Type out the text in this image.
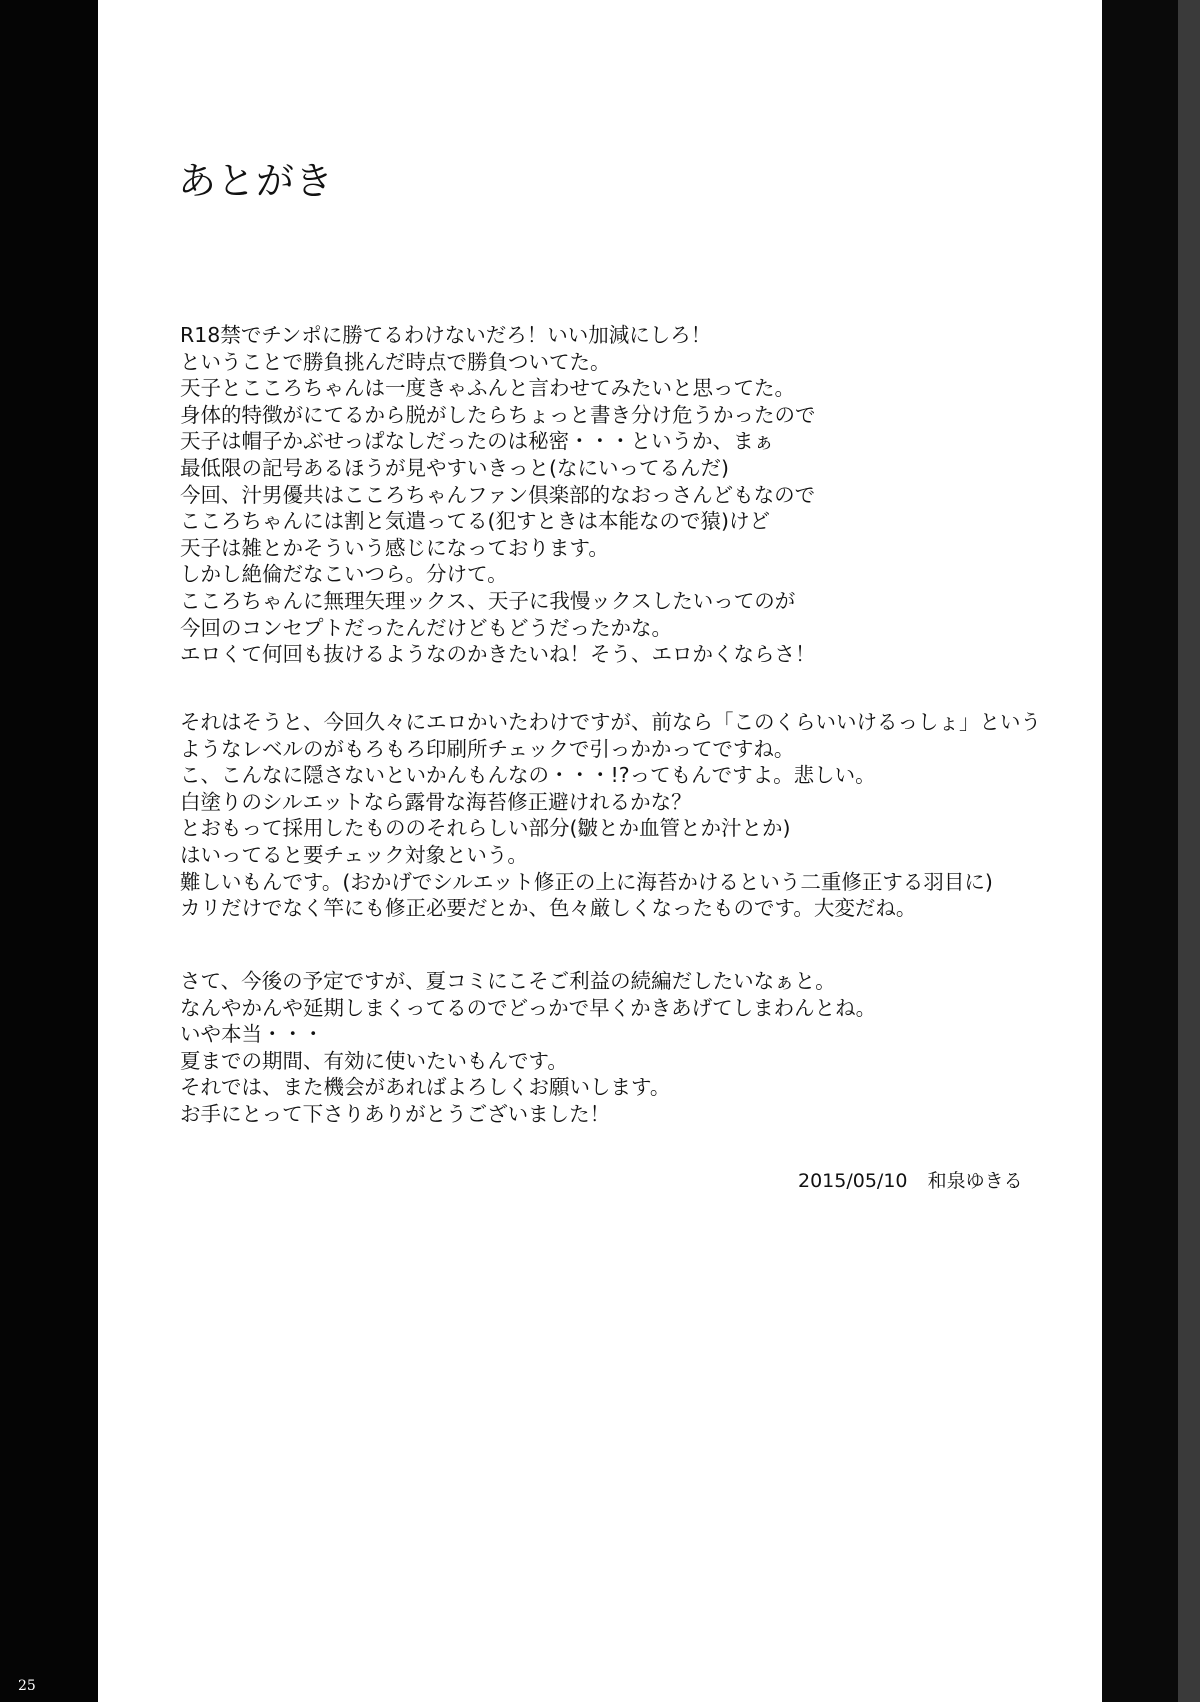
25

あとがき
R18禁でチンポに勝てるわけないだろ！いい加減にしろ！
ということで勝負挑んだ時点で勝負ついてた。
天子とこころちゃんは一度きゃふんと言わせてみたいと思ってた。
身体的特徴がにてるから脱がしたらちょっと書き分け危うかったので
天子は帽子かぶせっぱなしだったのは秘密・・・というか、まぁ
最低限の記号あるほうが見やすいきっと(なにいってるんだ)
今回、汁男優共はこころちゃんファン倶楽部的なおっさんどもなので
こころちゃんには割と気遣ってる(犯すときは本能なので猿)けど
天子は雑とかそういう感じになっております。
しかし絶倫だなこいつら。分けて。
こころちゃんに無理矢理ックス、天子に我慢ックスしたいってのが
今回のコンセプトだったんだけどもどうだったかな。
エロくて何回も抜けるようなのかきたいね！そう、エロかくならさ！
それはそうと、今回久々にエロかいたわけですが、前なら「このくらいいけるっしょ」という
ようなレベルのがもろもろ印刷所チェックで引っかかってですね。
こ、こんなに隠さないといかんもんなの・・・!?ってもんですよ。悲しい。
白塗りのシルエットなら露骨な海苔修正避けれるかな？
とおもって採用したもののそれらしい部分(皺とか血管とか汁とか)
はいってると要チェック対象という。
難しいもんです。(おかげでシルエット修正の上に海苔かけるという二重修正する羽目に)
カリだけでなく竿にも修正必要だとか、色々厳しくなったものです。大変だね。
さて、今後の予定ですが、夏コミにこそご利益の続編だしたいなぁと。
なんやかんや延期しまくってるのでどっかで早くかきあげてしまわんとね。
いや本当・・・
夏までの期間、有効に使いたいもんです。
それでは、また機会があればよろしくお願いします。
お手にとって下さりありがとうございました！

2015/05/10 和泉ゆきる
